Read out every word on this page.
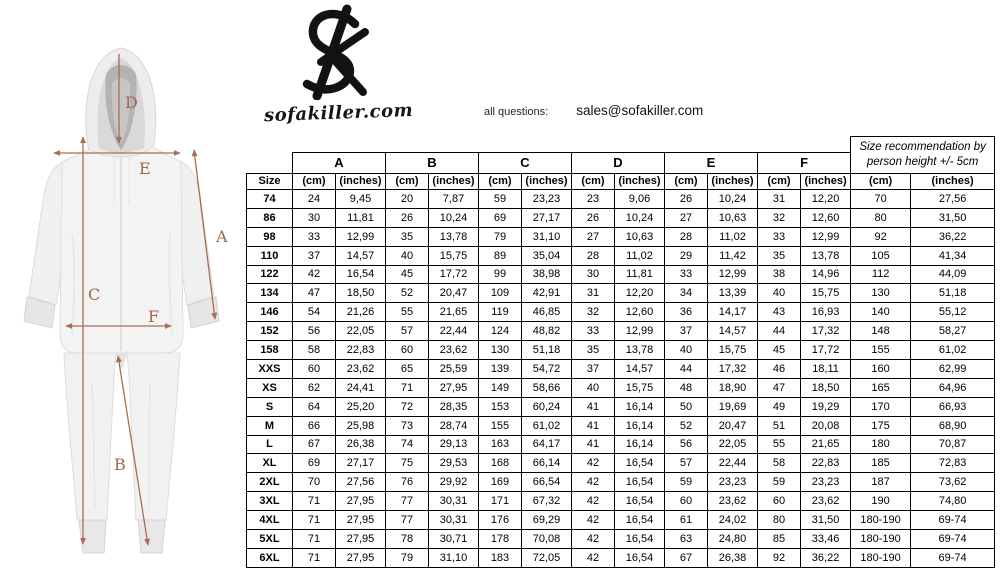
D
E
A
C
F
B
sofakiller.com	all questions: sales@sofakiller.com
													Size recommendation by person height +/- 5cm	
	A		B		C		D		E		F			
Size	(cm)	(inches)	(cm)	(inches)	(cm)	(inches)	(cm)	(inches)	(cm)	(inches)	(cm)	(inches)	(cm)	(inches)
74	24	9,45	20	7,87	59	23,23	23	9,06	26	10,24	31	12,20	70	27,56
86	30	11,81	26	10,24	69	27,17	26	10,24	27	10,63	32	12,60	80	31,50
98	33	12,99	35	13,78	79	31,10	27	10,63	28	11,02	33	12,99	92	36,22
110	37	14,57	40	15,75	89	35,04	28	11,02	29	11,42	35	13,78	105	41,34
122	42	16,54	45	17,72	99	38,98	30	11,81	33	12,99	38	14,96	112	44,09
134	47	18,50	52	20,47	109	42,91	31	12,20	34	13,39	40	15,75	130	51,18
146	54	21,26	55	21,65	119	46,85	32	12,60	36	14,17	43	16,93	140	55,12
152	56	22,05	57	22,44	124	48,82	33	12,99	37	14,57	44	17,32	148	58,27
158	58	22,83	60	23,62	130	51,18	35	13,78	40	15,75	45	17,72	155	61,02
XXS	60	23,62	65	25,59	139	54,72	37	14,57	44	17,32	46	18,11	160	62,99
XS	62	24,41	71	27,95	149	58,66	40	15,75	48	18,90	47	18,50	165	64,96
S	64	25,20	72	28,35	153	60,24	41	16,14	50	19,69	49	19,29	170	66,93
M	66	25,98	73	28,74	155	61,02	41	16,14	52	20,47	51	20,08	175	68,90
L	67	26,38	74	29,13	163	64,17	41	16,14	56	22,05	55	21,65	180	70,87
XL	69	27,17	75	29,53	168	66,14	42	16,54	57	22,44	58	22,83	185	72,83
2XL	70	27,56	76	29,92	169	66,54	42	16,54	59	23,23	59	23,23	187	73,62
3XL	71	27,95	77	30,31	171	67,32	42	16,54	60	23,62	60	23,62	190	74,80
4XL	71	27,95	77	30,31	176	69,29	42	16,54	61	24,02	80	31,50	180-190	69-74
5XL	71	27,95	78	30,71	178	70,08	42	16,54	63	24,80	85	33,46	180-190	69-74
6XL	71	27,95	79	31,10	183	72,05	42	16,54	67	26,38	92	36,22	180-190	69-74
